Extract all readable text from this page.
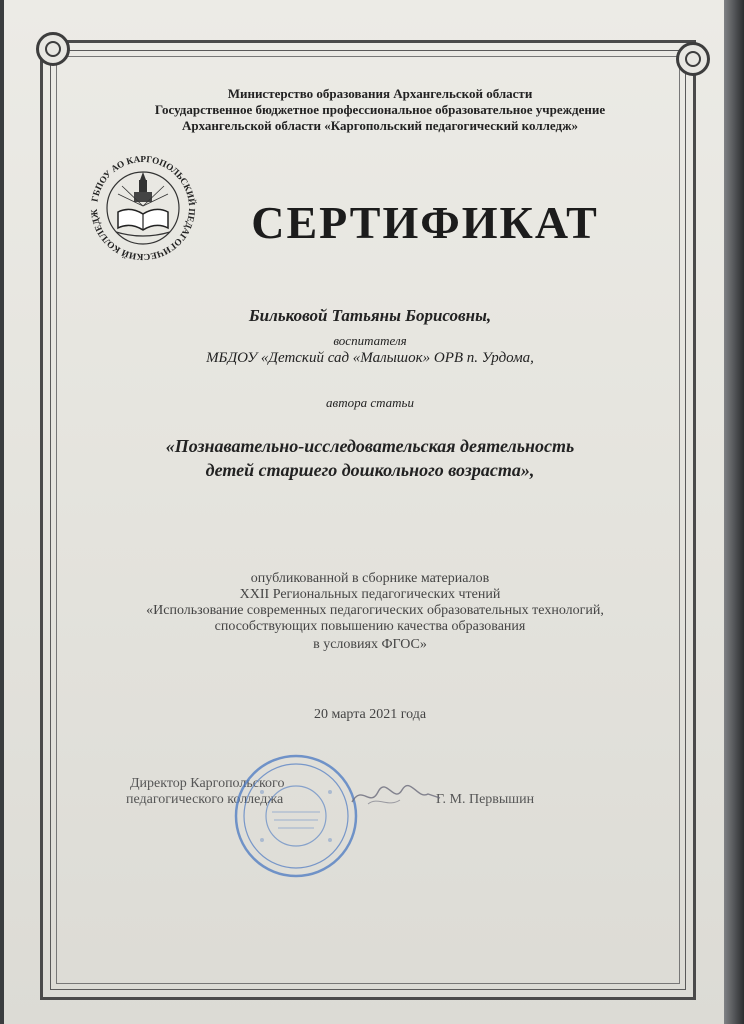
Министерство образования Архангельской области
Государственное бюджетное профессиональное образовательное учреждение
Архангельской области «Каргопольский педагогический колледж»
ГБПОУ АО КАРГОПОЛЬСКИЙ ПЕДАГОГИЧЕСКИЙ КОЛЛЕДЖ	СЕРТИФИКАТ
Бильковой Татьяны Борисовны,
воспитателя
МБДОУ «Детский сад «Малышок» ОРВ п. Урдома,
автора статьи
«Познавательно-исследовательская деятельность
детей старшего дошкольного возраста»,
опубликованной в сборнике материалов
XXII Региональных педагогических чтений
«Использование современных педагогических образовательных технологий,
способствующих повышению качества образования
в условиях ФГОС»
20 марта 2021 года
Директор Каргопольского
педагогического колледжа	Г. М. Первышин
